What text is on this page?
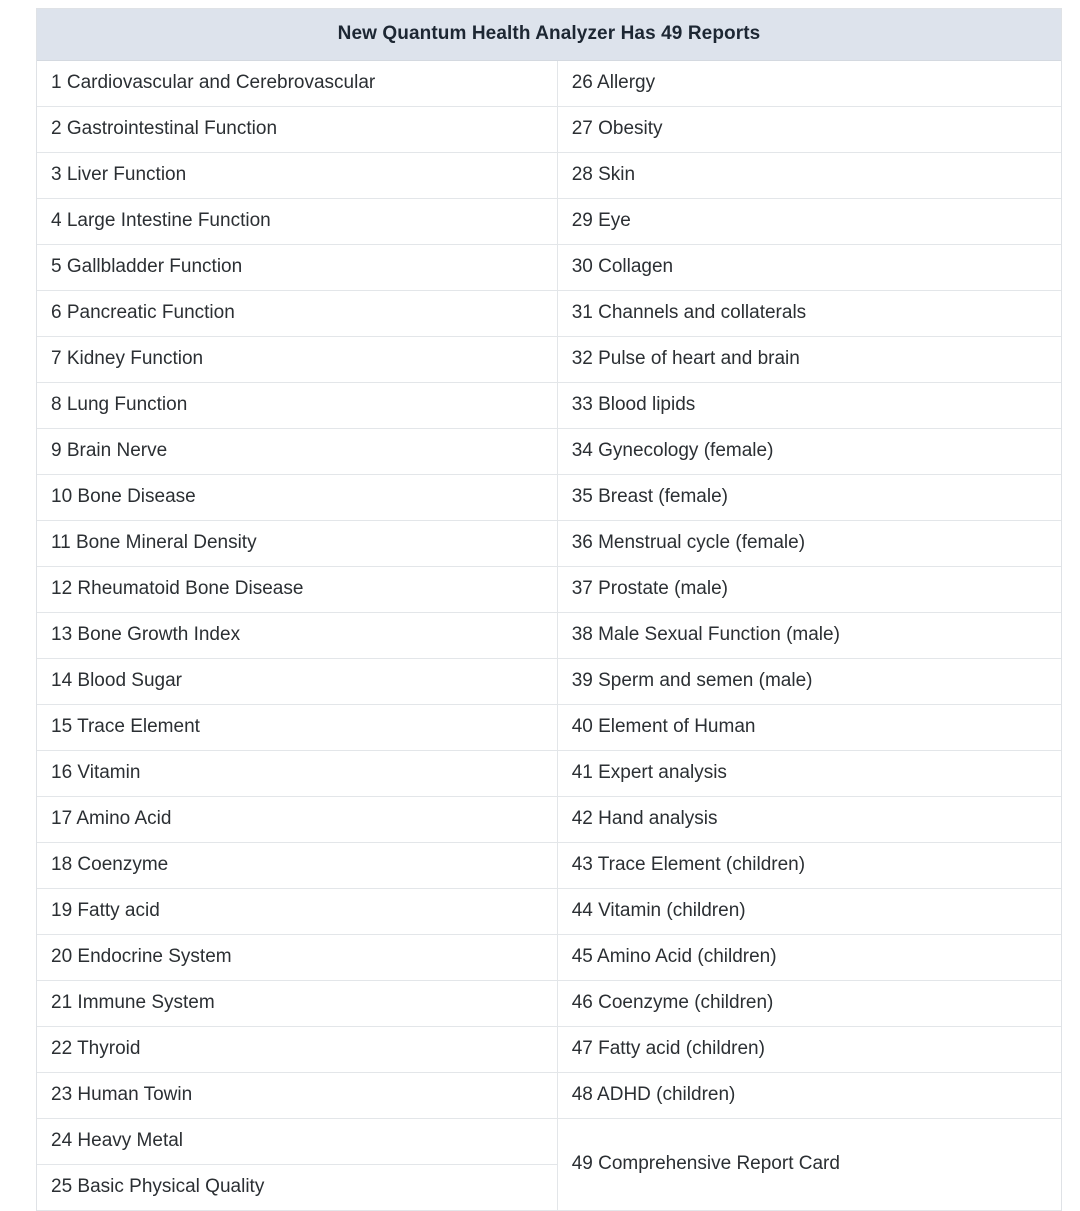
New Quantum Health Analyzer Has 49 Reports	
1 Cardiovascular and Cerebrovascular	26 Allergy
2 Gastrointestinal Function	27 Obesity
3 Liver Function	28 Skin
4 Large Intestine Function	29 Eye
5 Gallbladder Function	30 Collagen
6 Pancreatic Function	31 Channels and collaterals
7 Kidney Function	32 Pulse of heart and brain
8 Lung Function	33 Blood lipids
9 Brain Nerve	34 Gynecology (female)
10 Bone Disease	35 Breast (female)
11 Bone Mineral Density	36 Menstrual cycle (female)
12 Rheumatoid Bone Disease	37 Prostate (male)
13 Bone Growth Index	38 Male Sexual Function (male)
14 Blood Sugar	39 Sperm and semen (male)
15 Trace Element	40 Element of Human
16 Vitamin	41 Expert analysis
17 Amino Acid	42 Hand analysis
18 Coenzyme	43 Trace Element (children)
19 Fatty acid	44 Vitamin (children)
20 Endocrine System	45 Amino Acid (children)
21 Immune System	46 Coenzyme (children)
22 Thyroid	47 Fatty acid (children)
23 Human Towin	48 ADHD (children)
24 Heavy Metal	49 Comprehensive Report Card
25 Basic Physical Quality	
